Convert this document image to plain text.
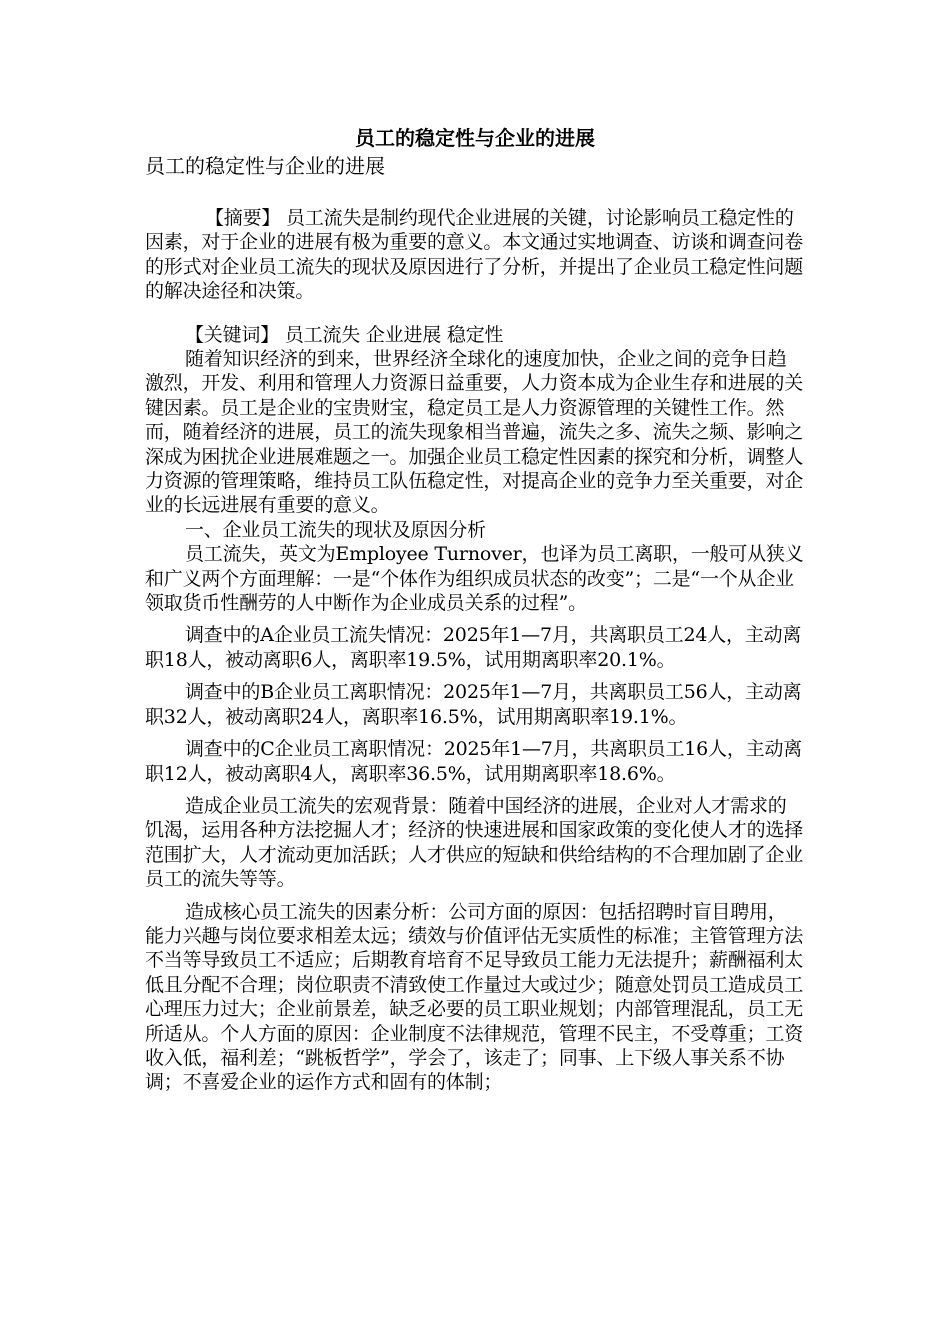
员工的稳定性与企业的进展
员工的稳定性与企业的进展

【摘要】 员工流失是制约现代企业进展的关键，讨论影响员工稳定性的因素，对于企业的进展有极为重要的意义。本文通过实地调查、访谈和调查问卷的形式对企业员工流失的现状及原因进行了分析，并提出了企业员工稳定性问题的解决途径和决策。

【关键词】 员工流失 企业进展 稳定性

随着知识经济的到来，世界经济全球化的速度加快，企业之间的竞争日趋激烈，开发、利用和管理人力资源日益重要，人力资本成为企业生存和进展的关键因素。员工是企业的宝贵财宝，稳定员工是人力资源管理的关键性工作。然而，随着经济的进展，员工的流失现象相当普遍，流失之多、流失之频、影响之深成为困扰企业进展难题之一。加强企业员工稳定性因素的探究和分析，调整人力资源的管理策略，维持员工队伍稳定性，对提高企业的竞争力至关重要，对企业的长远进展有重要的意义。

一、企业员工流失的现状及原因分析

员工流失，英文为Employee Turnover，也译为员工离职，一般可从狭义和广义两个方面理解：一是“个体作为组织成员状态的改变”；二是“一个从企业领取货币性酬劳的人中断作为企业成员关系的过程”。

调查中的A企业员工流失情况：2025年1—7月，共离职员工24人，主动离职18人，被动离职6人，离职率19.5%，试用期离职率20.1%。

调查中的B企业员工离职情况：2025年1—7月，共离职员工56人，主动离职32人，被动离职24人，离职率16.5%，试用期离职率19.1%。

调查中的C企业员工离职情况：2025年1—7月，共离职员工16人，主动离职12人，被动离职4人，离职率36.5%，试用期离职率18.6%。

造成企业员工流失的宏观背景：随着中国经济的进展，企业对人才需求的饥渴，运用各种方法挖掘人才；经济的快速进展和国家政策的变化使人才的选择范围扩大，人才流动更加活跃；人才供应的短缺和供给结构的不合理加剧了企业员工的流失等等。

造成核心员工流失的因素分析：公司方面的原因：包括招聘时盲目聘用，能力兴趣与岗位要求相差太远；绩效与价值评估无实质性的标准；主管管理方法不当等导致员工不适应；后期教育培育不足导致员工能力无法提升；薪酬福利太低且分配不合理；岗位职责不清致使工作量过大或过少；随意处罚员工造成员工心理压力过大；企业前景差，缺乏必要的员工职业规划；内部管理混乱，员工无所适从。个人方面的原因：企业制度不法律规范，管理不民主，不受尊重；工资收入低，福利差；“跳板哲学”，学会了，该走了；同事、上下级人事关系不协调；不喜爱企业的运作方式和固有的体制；
